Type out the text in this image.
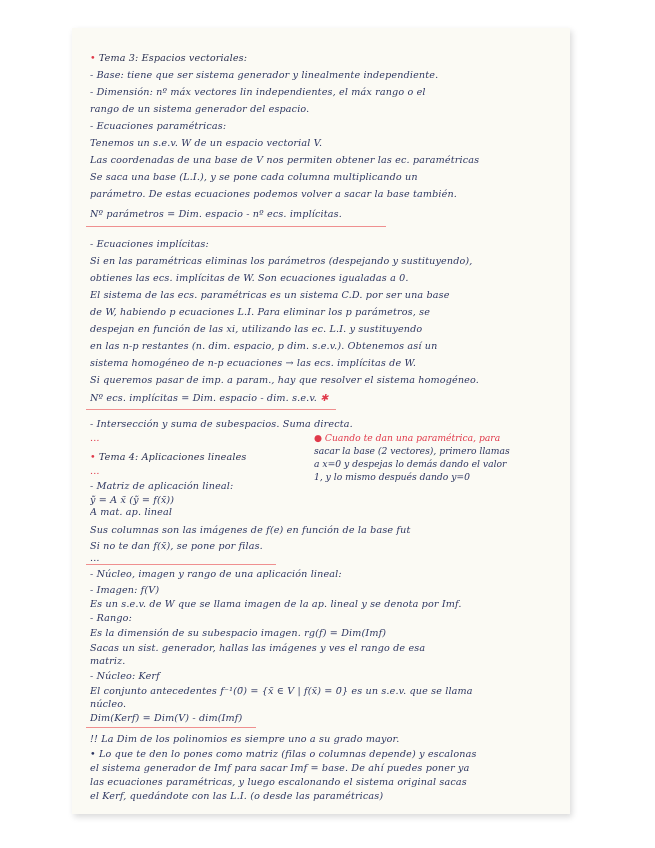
• Tema 3: Espacios vectoriales:
- Base: tiene que ser sistema generador y linealmente independiente.
- Dimensión: nº máx vectores lin independientes, el máx rango o el
rango de un sistema generador del espacio.
- Ecuaciones paramétricas:
Tenemos un s.e.v. W de un espacio vectorial V.
Las coordenadas de una base de V nos permiten obtener las ec. paramétricas
Se saca una base (L.I.), y se pone cada columna multiplicando un
parámetro. De estas ecuaciones podemos volver a sacar la base también.
Nº parámetros = Dim. espacio - nº ecs. implícitas.
- Ecuaciones implícitas:
Si en las paramétricas eliminas los parámetros (despejando y sustituyendo),
obtienes las ecs. implícitas de W. Son ecuaciones igualadas a 0.
El sistema de las ecs. paramétricas es un sistema C.D. por ser una base
de W, habiendo p ecuaciones L.I. Para eliminar los p parámetros, se
despejan en función de las xi, utilizando las ec. L.I. y sustituyendo
en las n-p restantes (n. dim. espacio, p dim. s.e.v.). Obtenemos así un
sistema homogéneo de n-p ecuaciones → las ecs. implícitas de W.
Si queremos pasar de imp. a param., hay que resolver el sistema homogéneo.
Nº ecs. implícitas = Dim. espacio - dim. s.e.v. ✱
- Intersección y suma de subespacios. Suma directa.
...	● Cuando te dan una paramétrica, para
sacar la base (2 vectores), primero llamas
a x=0 y despejas lo demás dando el valor
1, y lo mismo después dando y=0
• Tema 4: Aplicaciones lineales
...
- Matriz de aplicación lineal:
ỹ = A x̃ (ỹ = f(x̃))
A mat. ap. lineal
Sus columnas son las imágenes de f(e) en función de la base fut
Si no te dan f(x̃), se pone por filas.
...
- Núcleo, imagen y rango de una aplicación lineal:
- Imagen: f(V)
Es un s.e.v. de W que se llama imagen de la ap. lineal y se denota por Imf.
- Rango:
Es la dimensión de su subespacio imagen. rg(f) = Dim(Imf)
Sacas un sist. generador, hallas las imágenes y ves el rango de esa
matriz.
- Núcleo: Kerf
El conjunto antecedentes f⁻¹(0̃) = {x̃ ∈ V | f(x̃) = 0̃} es un s.e.v. que se llama
núcleo.
Dim(Kerf) = Dim(V) - dim(Imf)
!! La Dim de los polinomios es siempre uno a su grado mayor.
• Lo que te den lo pones como matriz (filas o columnas depende) y escalonas
el sistema generador de Imf para sacar Imf = base. De ahí puedes poner ya
las ecuaciones paramétricas, y luego escalonando el sistema original sacas
el Kerf, quedándote con las L.I. (o desde las paramétricas)
